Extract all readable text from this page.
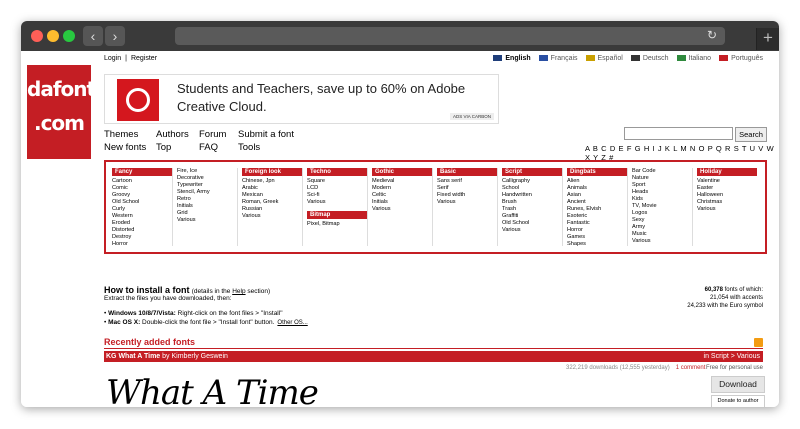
‹	›	↻	+
dafont
.com
Login | Register	English	Français	Español	Deutsch	Italiano	Português
Students and Teachers, save up to 60% on Adobe Creative Cloud.
ADS VIA CARBON
Themes Authors Forum Submit a font
New fonts Top	FAQ Tools
Search
A B C D E F G H I J K L M N O P Q R S T U V W X Y Z #
Fancy
Cartoon
Comic
Groovy
Old School
Curly
Western
Eroded
Distorted
Destroy
Horror
Fire, Ice
Decorative
Typewriter
Stencil, Army
Retro
Initials
Grid
Various
Foreign look
Chinese, Jpn
Arabic
Mexican
Roman, Greek
Russian
Various
Techno
Square
LCD
Sci-fi
Various
Bitmap
Pixel, Bitmap
Gothic
Medieval
Modern
Celtic
Initials
Various
Basic
Sans serif
Serif
Fixed width
Various
Script
Calligraphy
School
Handwritten
Brush
Trash
Graffiti
Old School
Various
Dingbats
Alien
Animals
Asian
Ancient
Runes, Elvish
Esoteric
Fantastic
Horror
Games
Shapes
Bar Code
Nature
Sport
Heads
Kids
TV, Movie
Logos
Sexy
Army
Music
Various
Holiday
Valentine
Easter
Halloween
Christmas
Various
How to install a font (details in the Help section)
Extract the files you have downloaded, then:
• Windows 10/8/7/Vista: Right-click on the font files > "Install"
• Mac OS X: Double-click the font file > "Install font" button. Other OS...
60,378 fonts of which:
21,054 with accents
24,233 with the Euro symbol
Recently added fonts
KG What A Time by Kimberly Geswein	in Script > Various
322,219 downloads (12,555 yesterday) 1 comment Free for personal use
What A Time	Download
Donate to author
